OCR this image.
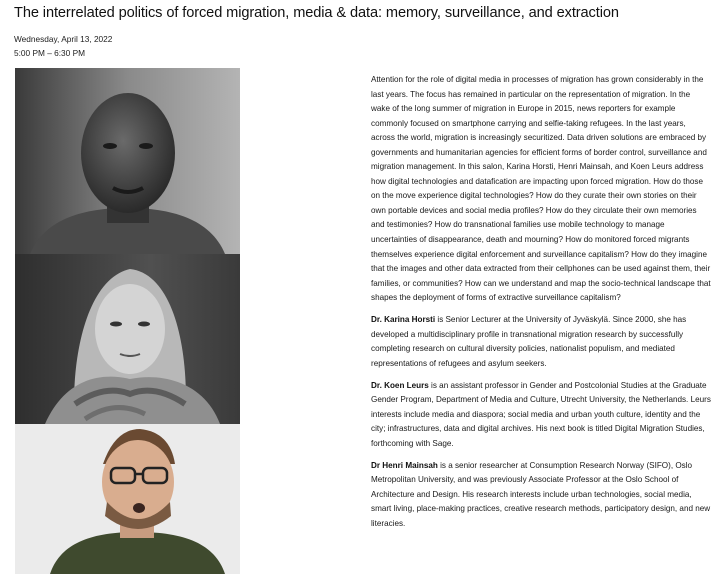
The interrelated politics of forced migration, media & data: memory, surveillance, and extraction
Wednesday, April 13, 2022
5:00 PM – 6:30 PM

Attention for the role of digital media in processes of migration has grown considerably in the last years. The focus has remained in particular on the representation of migration. In the wake of the long summer of migration in Europe in 2015, news reporters for example commonly focused on smartphone carrying and selfie-taking refugees. In the last years, across the world, migration is increasingly securitized. Data driven solutions are embraced by governments and humanitarian agencies for efficient forms of border control, surveillance and migration management. In this salon, Karina Horsti, Henri Mainsah, and Koen Leurs address how digital technologies and datafication are impacting upon forced migration. How do those on the move experience digital technologies? How do they curate their own stories on their own portable devices and social media profiles? How do they circulate their own memories and testimonies? How do transnational families use mobile technology to manage uncertainties of disappearance, death and mourning? How do monitored forced migrants themselves experience digital enforcement and surveillance capitalism? How do they imagine that the images and other data extracted from their cellphones can be used against them, their families, or communities? How can we understand and map the socio-technical landscape that shapes the deployment of forms of extractive surveillance capitalism?

Dr. Karina Horsti is Senior Lecturer at the University of Jyväskylä. Since 2000, she has developed a multidisciplinary profile in transnational migration research by successfully completing research on cultural diversity policies, nationalist populism, and mediated representations of refugees and asylum seekers.

Dr. Koen Leurs is an assistant professor in Gender and Postcolonial Studies at the Graduate Gender Program, Department of Media and Culture, Utrecht University, the Netherlands. Leurs interests include media and diaspora; social media and urban youth culture, identity and the city; infrastructures, data and digital archives. His next book is titled Digital Migration Studies, forthcoming with Sage.

Dr Henri Mainsah is a senior researcher at Consumption Research Norway (SIFO), Oslo Metropolitan University, and was previously Associate Professor at the Oslo School of Architecture and Design. His research interests include urban technologies, social media, smart living, place-making practices, creative research methods, participatory design, and new literacies.
